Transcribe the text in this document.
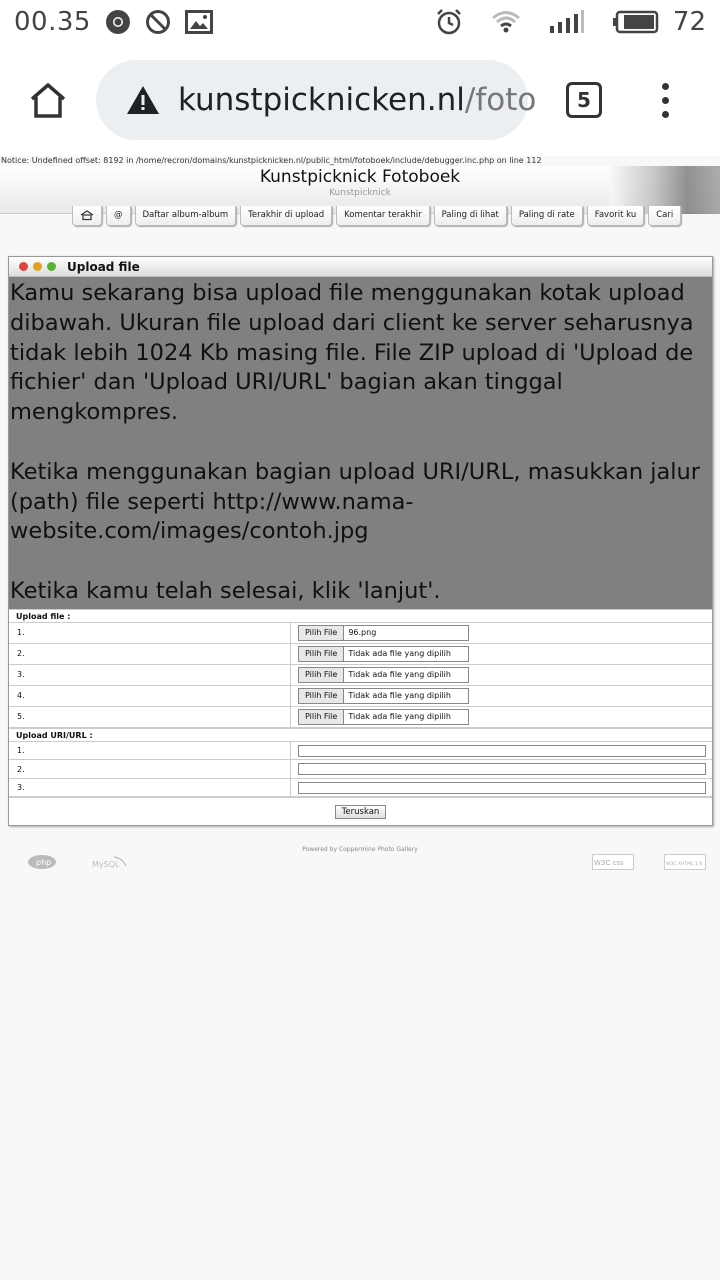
00.35	72
kunstpicknicken.nl/foto	5
Notice: Undefined offset: 8192 in /home/recron/domains/kunstpicknicken.nl/public_html/fotoboek/include/debugger.inc.php on line 112
Kunstpicknick Fotoboek
Kunstpicknick
@	Daftar album-album	Terakhir di upload	Komentar terakhir	Paling di lihat	Paling di rate	Favorit ku	Cari
Upload file

Kamu sekarang bisa upload file menggunakan kotak upload dibawah. Ukuran file upload dari client ke server seharusnya tidak lebih 1024 Kb masing file. File ZIP upload di 'Upload de fichier' dan 'Upload URI/URL' bagian akan tinggal mengkompres.

Ketika menggunakan bagian upload URI/URL, masukkan jalur (path) file seperti http://www.nama-website.com/images/contoh.jpg

Ketika kamu telah selesai, klik 'lanjut'.

Upload file :
1.	Pilih File	96.png
2.	Pilih File	Tidak ada file yang dipilih
3.	Pilih File	Tidak ada file yang dipilih
4.	Pilih File	Tidak ada file yang dipilih
5.	Pilih File	Tidak ada file yang dipilih
Upload URI/URL :
1.
2.
3.
Teruskan
Powered by Coppermine Photo Gallery
php	MySQL	W3C css	W3C XHTML 1.0
